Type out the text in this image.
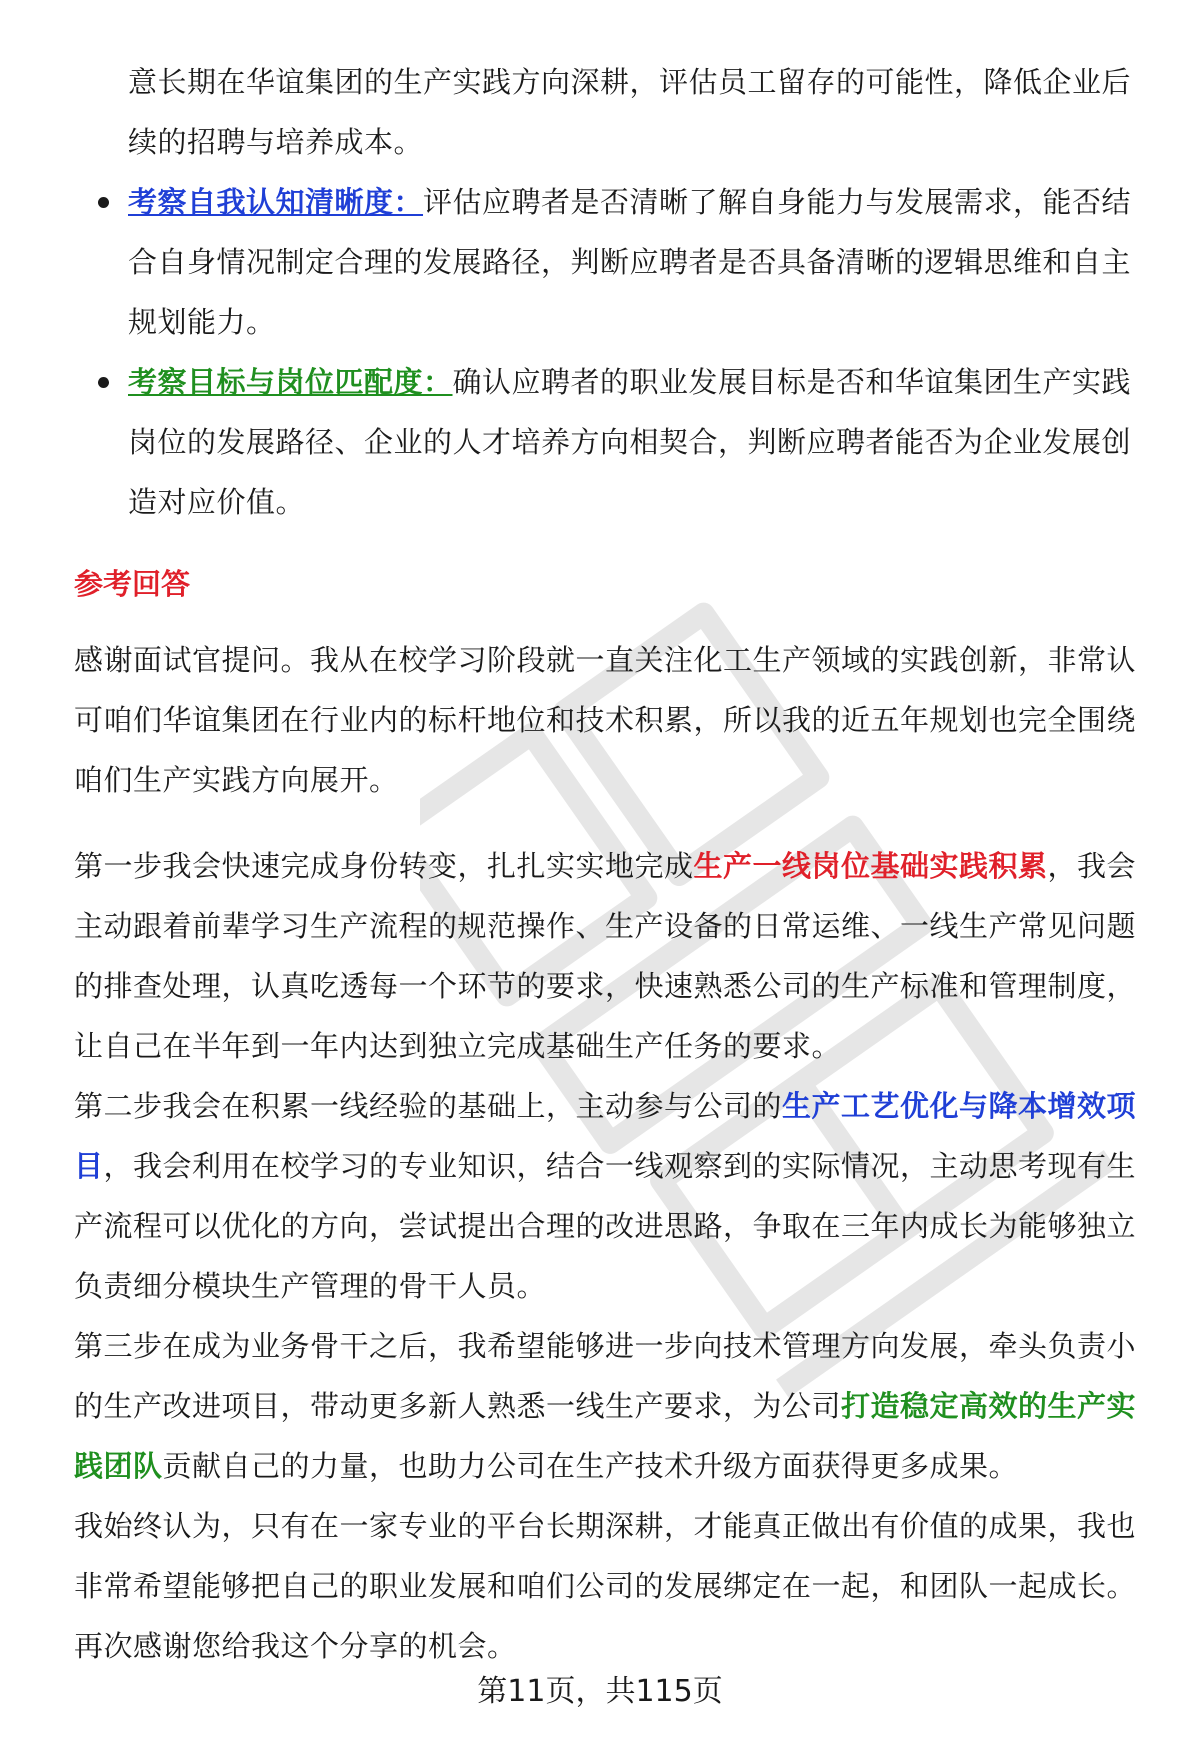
意长期在华谊集团的生产实践方向深耕，评估员工留存的可能性，降低企业后续的招聘与培养成本。
考察自我认知清晰度：评估应聘者是否清晰了解自身能力与发展需求，能否结合自身情况制定合理的发展路径，判断应聘者是否具备清晰的逻辑思维和自主规划能力。
考察目标与岗位匹配度：确认应聘者的职业发展目标是否和华谊集团生产实践岗位的发展路径、企业的人才培养方向相契合，判断应聘者能否为企业发展创造对应价值。
参考回答

感谢面试官提问。我从在校学习阶段就一直关注化工生产领域的实践创新，非常认可咱们华谊集团在行业内的标杆地位和技术积累，所以我的近五年规划也完全围绕咱们生产实践方向展开。

第一步我会快速完成身份转变，扎扎实实地完成生产一线岗位基础实践积累，我会主动跟着前辈学习生产流程的规范操作、生产设备的日常运维、一线生产常见问题的排查处理，认真吃透每一个环节的要求，快速熟悉公司的生产标准和管理制度，让自己在半年到一年内达到独立完成基础生产任务的要求。

第二步我会在积累一线经验的基础上，主动参与公司的生产工艺优化与降本增效项目，我会利用在校学习的专业知识，结合一线观察到的实际情况，主动思考现有生产流程可以优化的方向，尝试提出合理的改进思路，争取在三年内成长为能够独立负责细分模块生产管理的骨干人员。

第三步在成为业务骨干之后，我希望能够进一步向技术管理方向发展，牵头负责小的生产改进项目，带动更多新人熟悉一线生产要求，为公司打造稳定高效的生产实践团队贡献自己的力量，也助力公司在生产技术升级方面获得更多成果。

我始终认为，只有在一家专业的平台长期深耕，才能真正做出有价值的成果，我也非常希望能够把自己的职业发展和咱们公司的发展绑定在一起，和团队一起成长。再次感谢您给我这个分享的机会。

第11页，共115页
